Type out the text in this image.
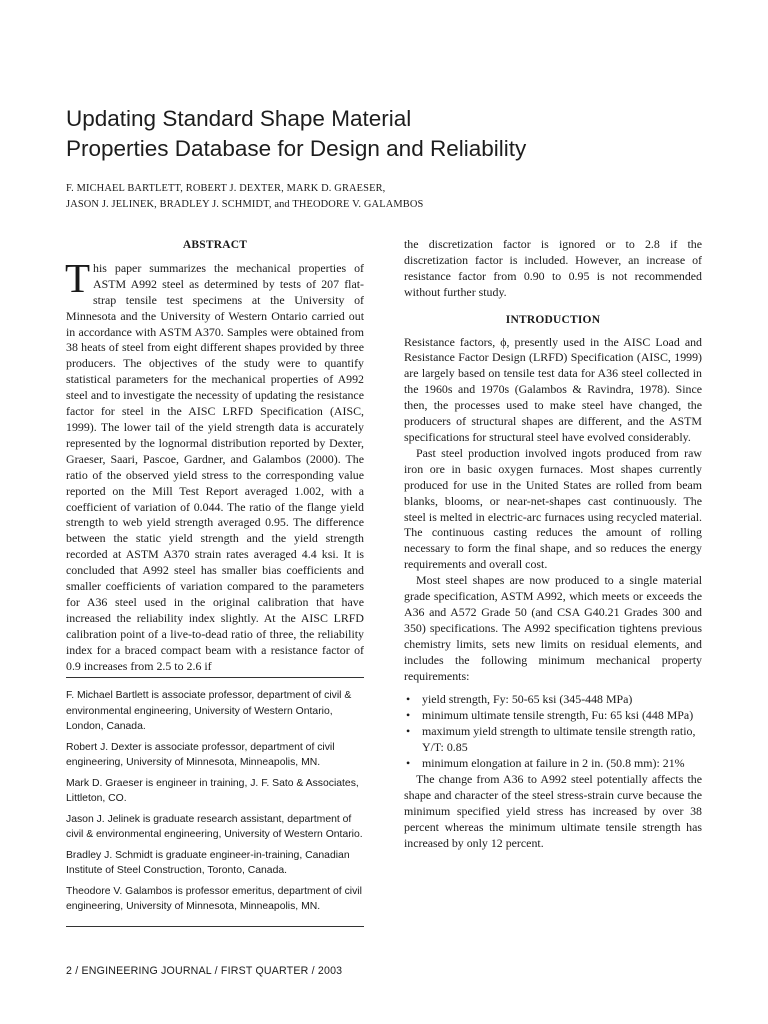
Updating Standard Shape Material
Properties Database for Design and Reliability
F. MICHAEL BARTLETT, ROBERT J. DEXTER, MARK D. GRAESER,
JASON J. JELINEK, BRADLEY J. SCHMIDT, and THEODORE V. GALAMBOS
ABSTRACT

This paper summarizes the mechanical properties of ASTM A992 steel as determined by tests of 207 flat-strap tensile test specimens at the University of Minnesota and the University of Western Ontario carried out in accordance with ASTM A370. Samples were obtained from 38 heats of steel from eight different shapes provided by three producers. The objectives of the study were to quantify statistical parameters for the mechanical properties of A992 steel and to investigate the necessity of updating the resistance factor for steel in the AISC LRFD Specification (AISC, 1999). The lower tail of the yield strength data is accurately represented by the lognormal distribution reported by Dexter, Graeser, Saari, Pascoe, Gardner, and Galambos (2000). The ratio of the observed yield stress to the corresponding value reported on the Mill Test Report averaged 1.002, with a coefficient of variation of 0.044. The ratio of the flange yield strength to web yield strength averaged 0.95. The difference between the static yield strength and the yield strength recorded at ASTM A370 strain rates averaged 4.4 ksi. It is concluded that A992 steel has smaller bias coefficients and smaller coefficients of variation compared to the parameters for A36 steel used in the original calibration that have increased the reliability index slightly. At the AISC LRFD calibration point of a live-to-dead ratio of three, the reliability index for a braced compact beam with a resistance factor of 0.9 increases from 2.5 to 2.6 if

F. Michael Bartlett is associate professor, department of civil & environmental engineering, University of Western Ontario, London, Canada.

Robert J. Dexter is associate professor, department of civil engineering, University of Minnesota, Minneapolis, MN.

Mark D. Graeser is engineer in training, J. F. Sato & Associates, Littleton, CO.

Jason J. Jelinek is graduate research assistant, department of civil & environmental engineering, University of Western Ontario.

Bradley J. Schmidt is graduate engineer-in-training, Canadian Institute of Steel Construction, Toronto, Canada.

Theodore V. Galambos is professor emeritus, department of civil engineering, University of Minnesota, Minneapolis, MN.

the discretization factor is ignored or to 2.8 if the discretization factor is included. However, an increase of resistance factor from 0.90 to 0.95 is not recommended without further study.

INTRODUCTION

Resistance factors, ϕ, presently used in the AISC Load and Resistance Factor Design (LRFD) Specification (AISC, 1999) are largely based on tensile test data for A36 steel collected in the 1960s and 1970s (Galambos & Ravindra, 1978). Since then, the processes used to make steel have changed, the producers of structural shapes are different, and the ASTM specifications for structural steel have evolved considerably.

Past steel production involved ingots produced from raw iron ore in basic oxygen furnaces. Most shapes currently produced for use in the United States are rolled from beam blanks, blooms, or near-net-shapes cast continuously. The steel is melted in electric-arc furnaces using recycled material. The continuous casting reduces the amount of rolling necessary to form the final shape, and so reduces the energy requirements and overall cost.

Most steel shapes are now produced to a single material grade specification, ASTM A992, which meets or exceeds the A36 and A572 Grade 50 (and CSA G40.21 Grades 300 and 350) specifications. The A992 specification tightens previous chemistry limits, sets new limits on residual elements, and includes the following minimum mechanical property requirements:

• yield strength, Fy: 50-65 ksi (345-448 MPa)
• minimum ultimate tensile strength, Fu: 65 ksi (448 MPa)
• maximum yield strength to ultimate tensile strength ratio, Y/T: 0.85
• minimum elongation at failure in 2 in. (50.8 mm): 21%

The change from A36 to A992 steel potentially affects the shape and character of the steel stress-strain curve because the minimum specified yield stress has increased by over 38 percent whereas the minimum ultimate tensile strength has increased by only 12 percent.

2 / ENGINEERING JOURNAL / FIRST QUARTER / 2003
